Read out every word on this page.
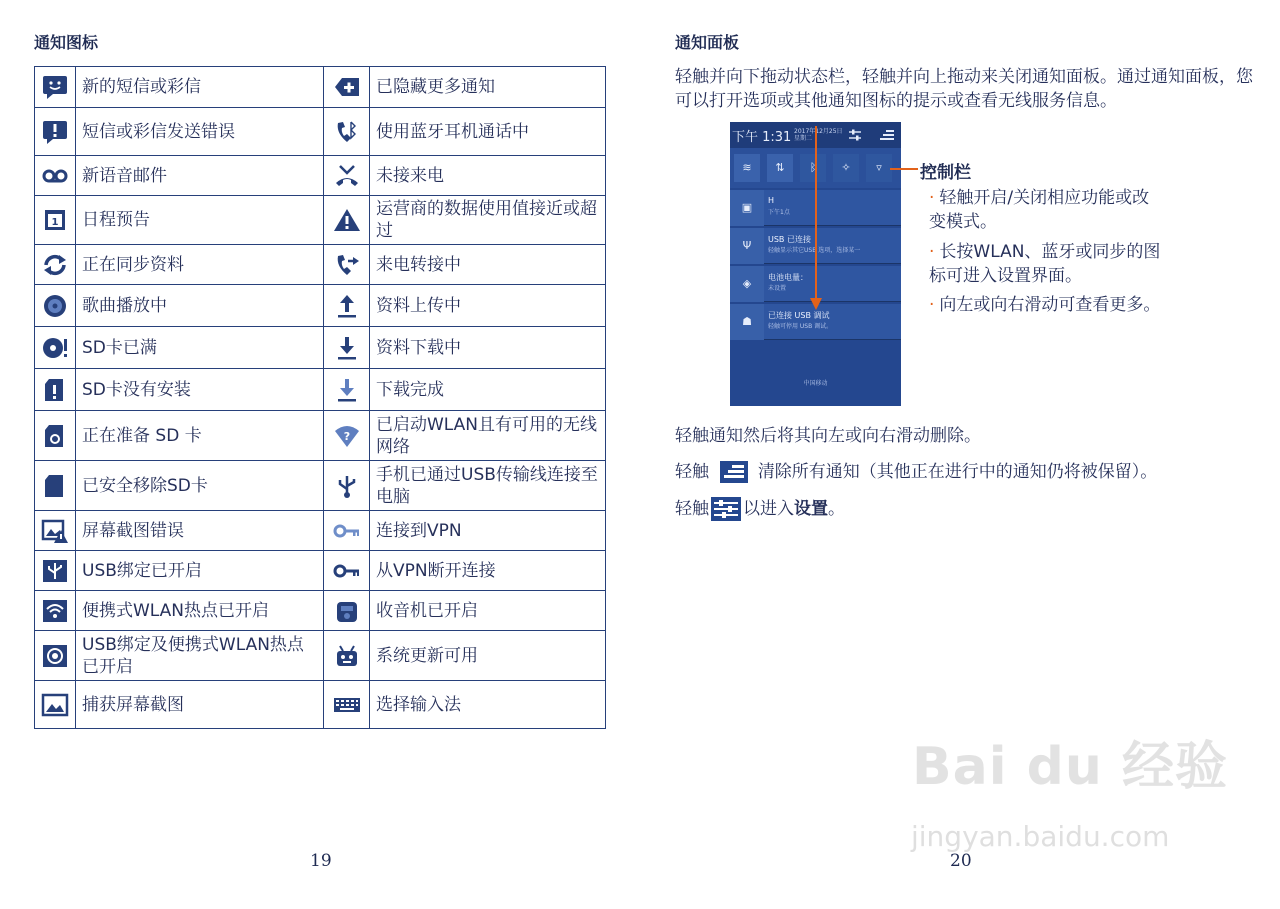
通知图标
	新的短信或彩信		已隐藏更多通知
	短信或彩信发送错误		使用蓝牙耳机通话中
	新语音邮件		未接来电

1	日程预告		运营商的数据使用值接近或超过
	正在同步资料		来电转接中
	歌曲播放中		资料上传中
	SD卡已满		资料下载中
	SD卡没有安装		下载完成
	正在准备 SD 卡	?	已启动WLAN且有可用的无线网络
	已安全移除SD卡		手机已通过USB传输线连接至电脑
	屏幕截图错误		连接到VPN
	USB绑定已开启		从VPN断开连接
	便携式WLAN热点已开启		收音机已开启
	USB绑定及便携式WLAN热点已开启		系统更新可用
	捕获屏幕截图		选择输入法
19
通知面板
轻触并向下拖动状态栏，轻触并向上拖动来关闭通知面板。通过通知面板，您可以打开选项或其他通知图标的提示或查看无线服务信息。
下午 1:31 2017年12月25日
星期二
≋	⇅	ᛒ	✧	▿
▣
H
下午1点
Ψ	USB 已连接
轻触显示其它USB 选项，选择某一
◈	电池电量：
未设置
☗	已连接 USB 调试
轻触可停用 USB 调试。
中国移动
控制栏
· 轻触开启/关闭相应功能或改变模式。
· 长按WLAN、蓝牙或同步的图标可进入设置界面。
· 向左或向右滑动可查看更多。
轻触通知然后将其向左或向右滑动删除。
轻触	清除所有通知（其他正在进行中的通知仍将被保留）。
轻触 以进入设置。
20
Bai du 经验
jingyan.baidu.com
